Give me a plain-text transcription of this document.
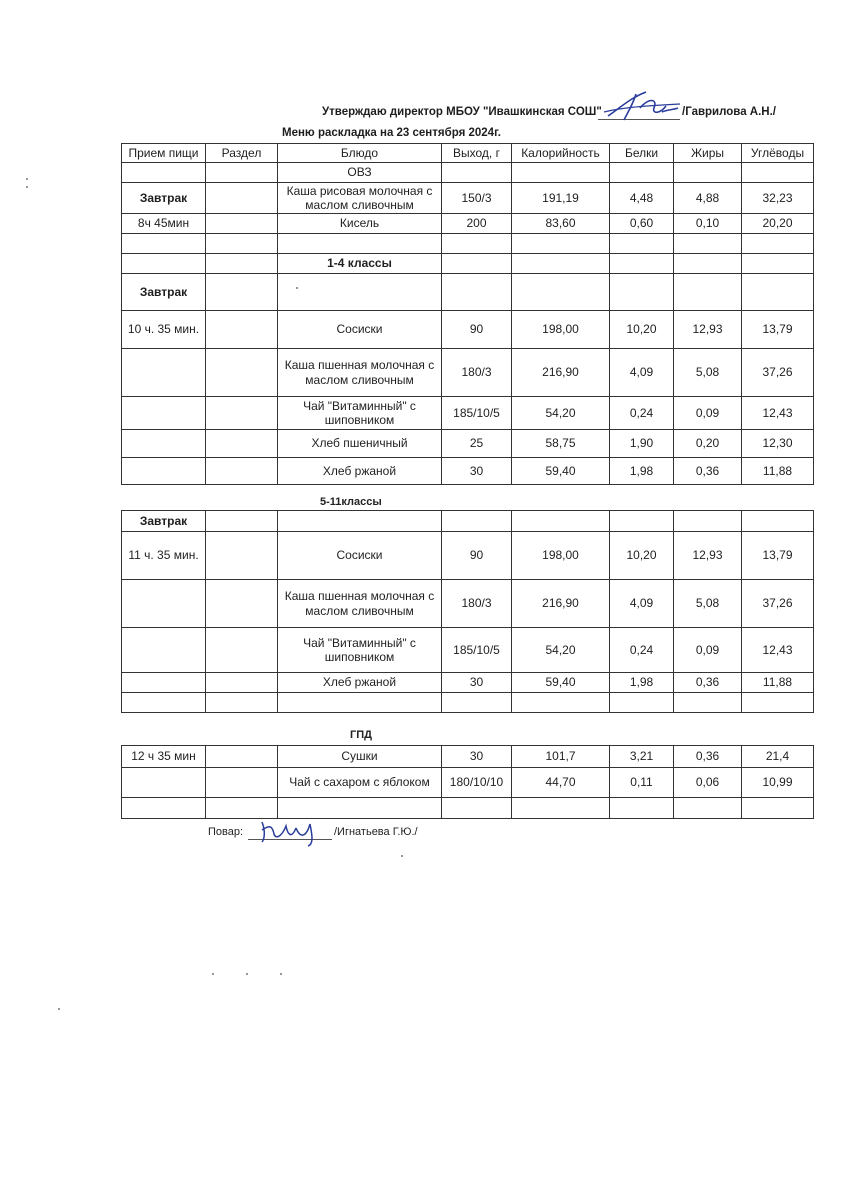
Утверждаю директор МБОУ "Ивашкинская СОШ"	/Гаврилова А.Н./
Меню раскладка на 23 сентября 2024г.
Прием пищи	Раздел	Блюдо	Выход, г	Калорийность	Белки	Жиры	Углёводы
		ОВЗ					
Завтрак		Каша рисовая молочная с маслом сливочным	150/3	191,19	4,48	4,88	32,23
8ч 45мин		Кисель	200	83,60	0,60	0,10	20,20

		1-4 классы					
Завтрак							
10 ч. 35 мин.		Сосиски	90	198,00	10,20	12,93	13,79
		Каша пшенная молочная с маслом сливочным	180/3	216,90	4,09	5,08	37,26
		Чай "Витаминный" с шиповником	185/10/5	54,20	0,24	0,09	12,43
		Хлеб пшеничный	25	58,75	1,90	0,20	12,30
		Хлеб ржаной	30	59,40	1,98	0,36	11,88
5-11классы
Завтрак							
11 ч. 35 мин.		Сосиски	90	198,00	10,20	12,93	13,79
		Каша пшенная молочная с маслом сливочным	180/3	216,90	4,09	5,08	37,26
		Чай "Витаминный" с шиповником	185/10/5	54,20	0,24	0,09	12,43
		Хлеб ржаной	30	59,40	1,98	0,36	11,88

ГПД
12 ч 35 мин		Сушки	30	101,7	3,21	0,36	21,4
		Чай с сахаром с яблоком	180/10/10	44,70	0,11	0,06	10,99

Повар:	/Игнатьева Г.Ю./
